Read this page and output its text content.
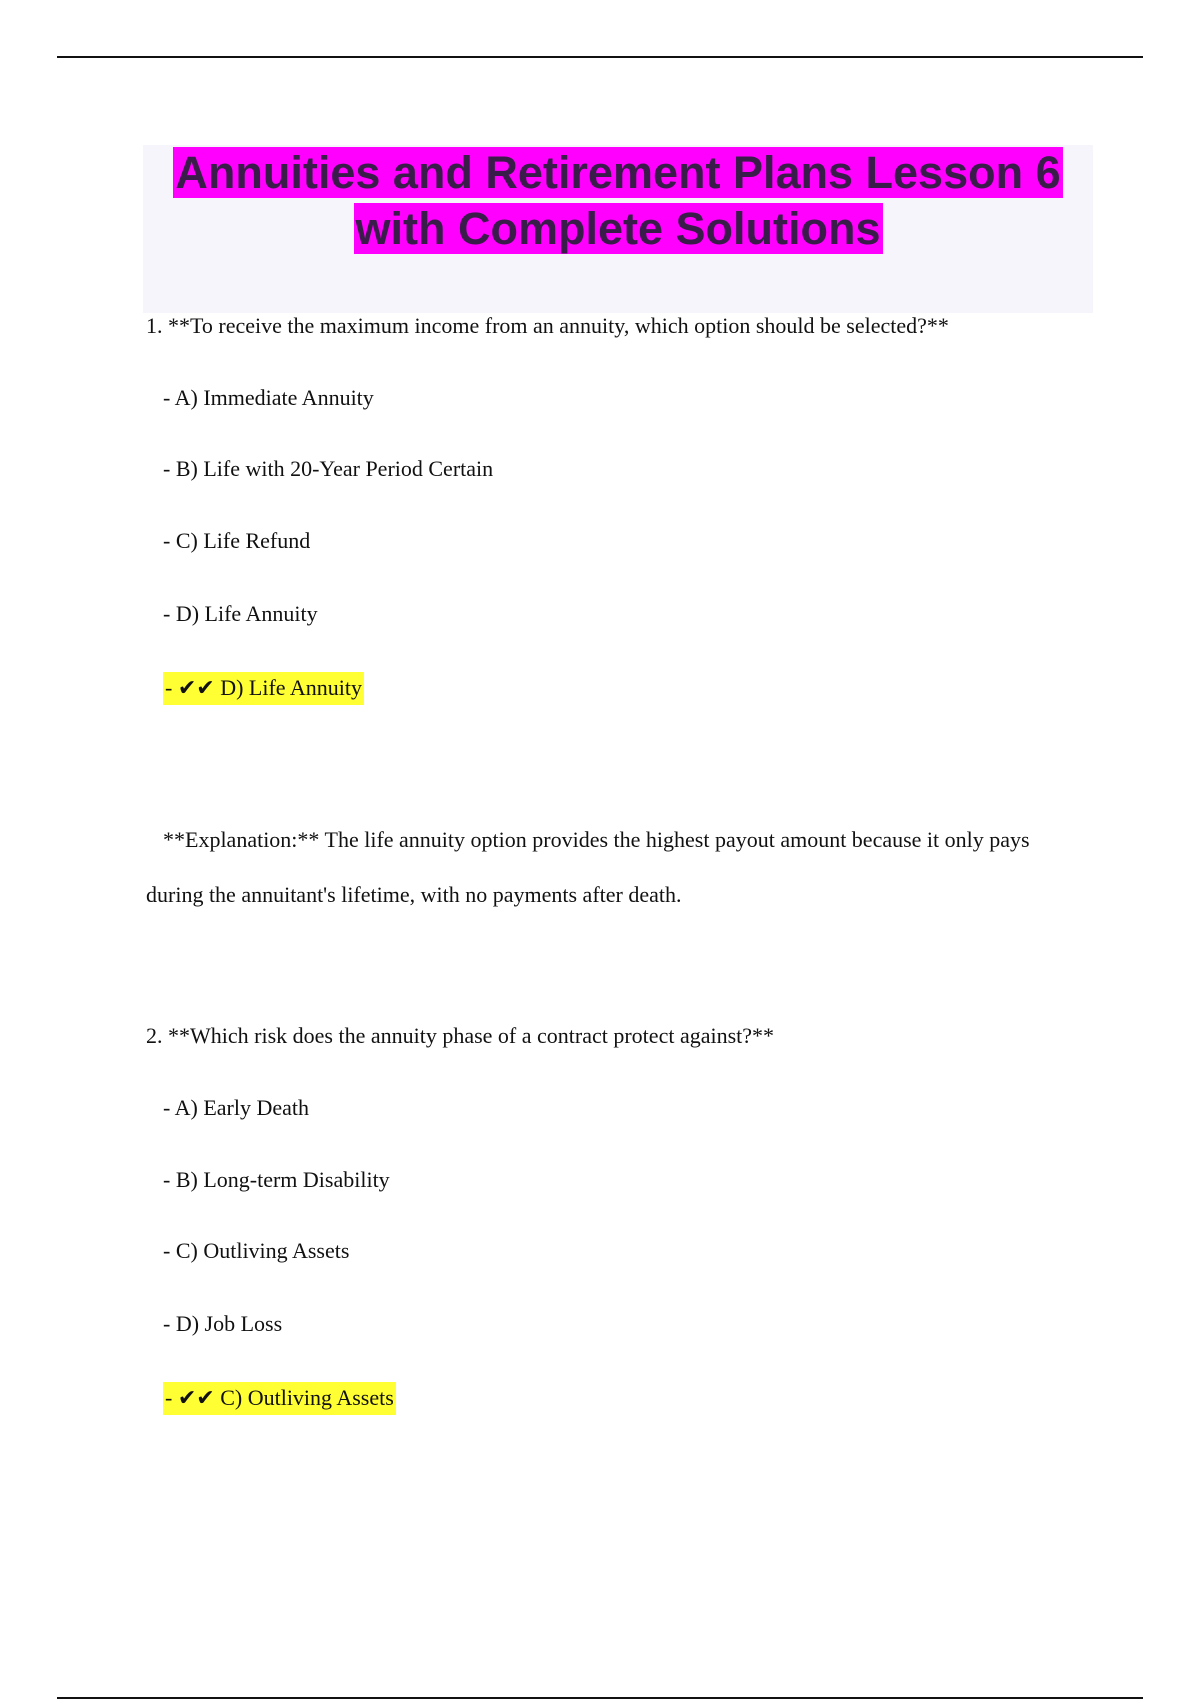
Annuities and Retirement Plans Lesson 6 with Complete Solutions
1. **To receive the maximum income from an annuity, which option should be selected?**
- A) Immediate Annuity
- B) Life with 20-Year Period Certain
- C) Life Refund
- D) Life Annuity
- ✔✔ D) Life Annuity
**Explanation:** The life annuity option provides the highest payout amount because it only pays during the annuitant's lifetime, with no payments after death.
2. **Which risk does the annuity phase of a contract protect against?**
- A) Early Death
- B) Long-term Disability
- C) Outliving Assets
- D) Job Loss
- ✔✔ C) Outliving Assets
